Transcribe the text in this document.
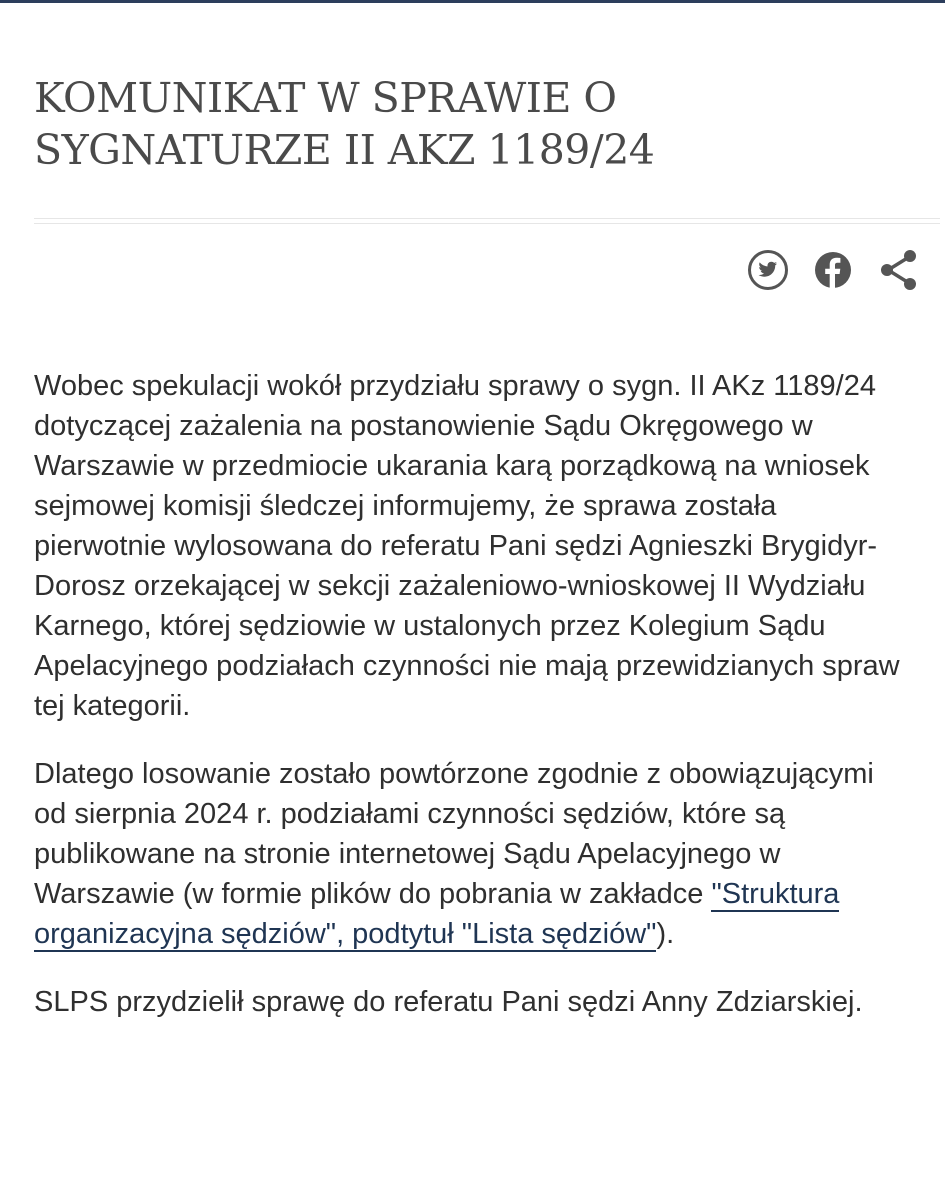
KOMUNIKAT W SPRAWIE O
SYGNATURZE II AKZ 1189/24

Wobec spekulacji wokół przydziału sprawy o sygn. II AKz 1189/24 dotyczącej zażalenia na postanowienie Sądu Okręgowego w Warszawie w przedmiocie ukarania karą porządkową na wniosek sejmowej komisji śledczej informujemy, że sprawa została pierwotnie wylosowana do referatu Pani sędzi Agnieszki Brygidyr-Dorosz orzekającej w sekcji zażaleniowo-wnioskowej II Wydziału Karnego, której sędziowie w ustalonych przez Kolegium Sądu Apelacyjnego podziałach czynności nie mają przewidzianych spraw tej kategorii.

Dlatego losowanie zostało powtórzone zgodnie z obowiązującymi od sierpnia 2024 r. podziałami czynności sędziów, które są publikowane na stronie internetowej Sądu Apelacyjnego w Warszawie (w formie plików do pobrania w zakładce "Struktura organizacyjna sędziów", podtytuł "Lista sędziów").

SLPS przydzielił sprawę do referatu Pani sędzi Anny Zdziarskiej.
